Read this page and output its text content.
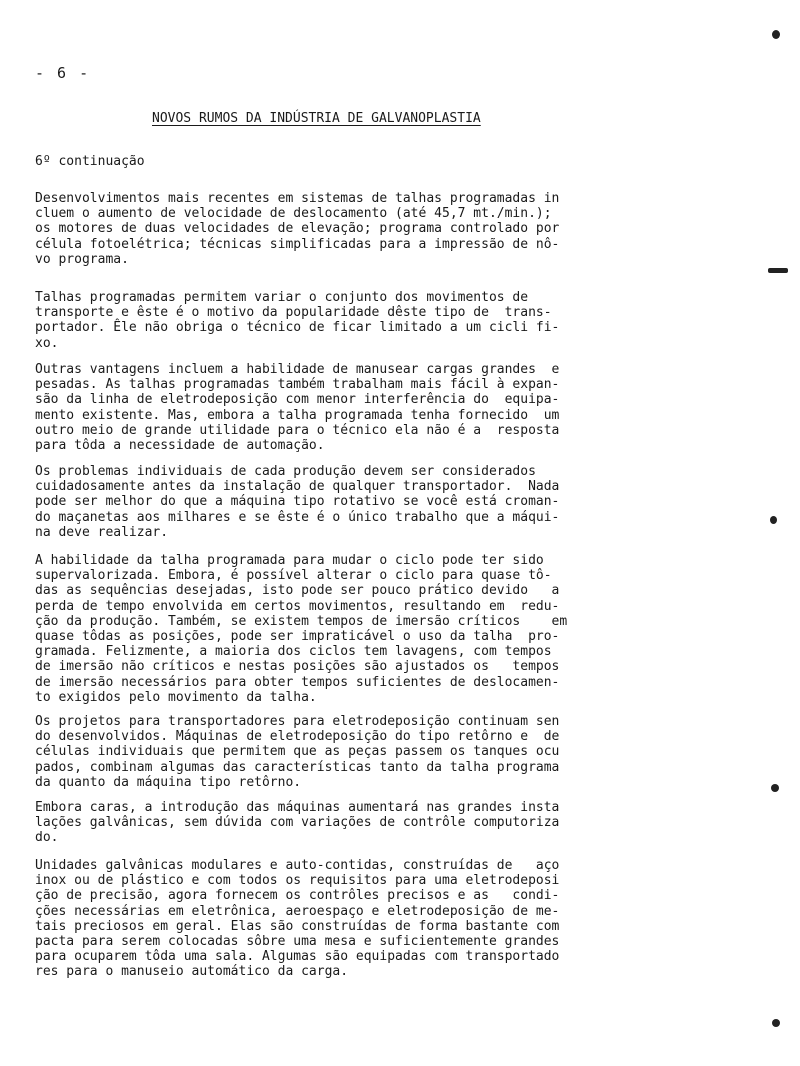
- 6 -
NOVOS RUMOS DA INDÚSTRIA DE GALVANOPLASTIA
6º continuação

Desenvolvimentos mais recentes em sistemas de talhas programadas in
cluem o aumento de velocidade de deslocamento (até 45,7 mt./min.);
os motores de duas velocidades de elevação; programa controlado por
célula fotoelétrica; técnicas simplificadas para a impressão de nô-
vo programa.

Talhas programadas permitem variar o conjunto dos movimentos de
transporte e êste é o motivo da popularidade dêste tipo de  trans-
portador. Êle não obriga o técnico de ficar limitado a um cicli fi-
xo.

Outras vantagens incluem a habilidade de manusear cargas grandes  e
pesadas. As talhas programadas também trabalham mais fácil à expan-
são da linha de eletrodeposição com menor interferência do  equipa-
mento existente. Mas, embora a talha programada tenha fornecido  um
outro meio de grande utilidade para o técnico ela não é a  resposta
para tôda a necessidade de automação.

Os problemas individuais de cada produção devem ser considerados
cuidadosamente antes da instalação de qualquer transportador.  Nada
pode ser melhor do que a máquina tipo rotativo se você está croman-
do maçanetas aos milhares e se êste é o único trabalho que a máqui-
na deve realizar.

A habilidade da talha programada para mudar o ciclo pode ter sido
supervalorizada. Embora, é possível alterar o ciclo para quase tô-
das as sequências desejadas, isto pode ser pouco prático devido   a
perda de tempo envolvida em certos movimentos, resultando em  redu-
ção da produção. Também, se existem tempos de imersão críticos    em
quase tôdas as posições, pode ser impraticável o uso da talha  pro-
gramada. Felizmente, a maioria dos ciclos tem lavagens, com tempos
de imersão não críticos e nestas posições são ajustados os   tempos
de imersão necessários para obter tempos suficientes de deslocamen-
to exigidos pelo movimento da talha.

Os projetos para transportadores para eletrodeposição continuam sen
do desenvolvidos. Máquinas de eletrodeposição do tipo retôrno e  de
células individuais que permitem que as peças passem os tanques ocu
pados, combinam algumas das características tanto da talha programa
da quanto da máquina tipo retôrno.

Embora caras, a introdução das máquinas aumentará nas grandes insta
lações galvânicas, sem dúvida com variações de contrôle computoriza
do.

Unidades galvânicas modulares e auto-contidas, construídas de   aço
inox ou de plástico e com todos os requisitos para uma eletrodeposi
ção de precisão, agora fornecem os contrôles precisos e as   condi-
ções necessárias em eletrônica, aeroespaço e eletrodeposição de me-
tais preciosos em geral. Elas são construídas de forma bastante com
pacta para serem colocadas sôbre uma mesa e suficientemente grandes
para ocuparem tôda uma sala. Algumas são equipadas com transportado
res para o manuseio automático da carga.
